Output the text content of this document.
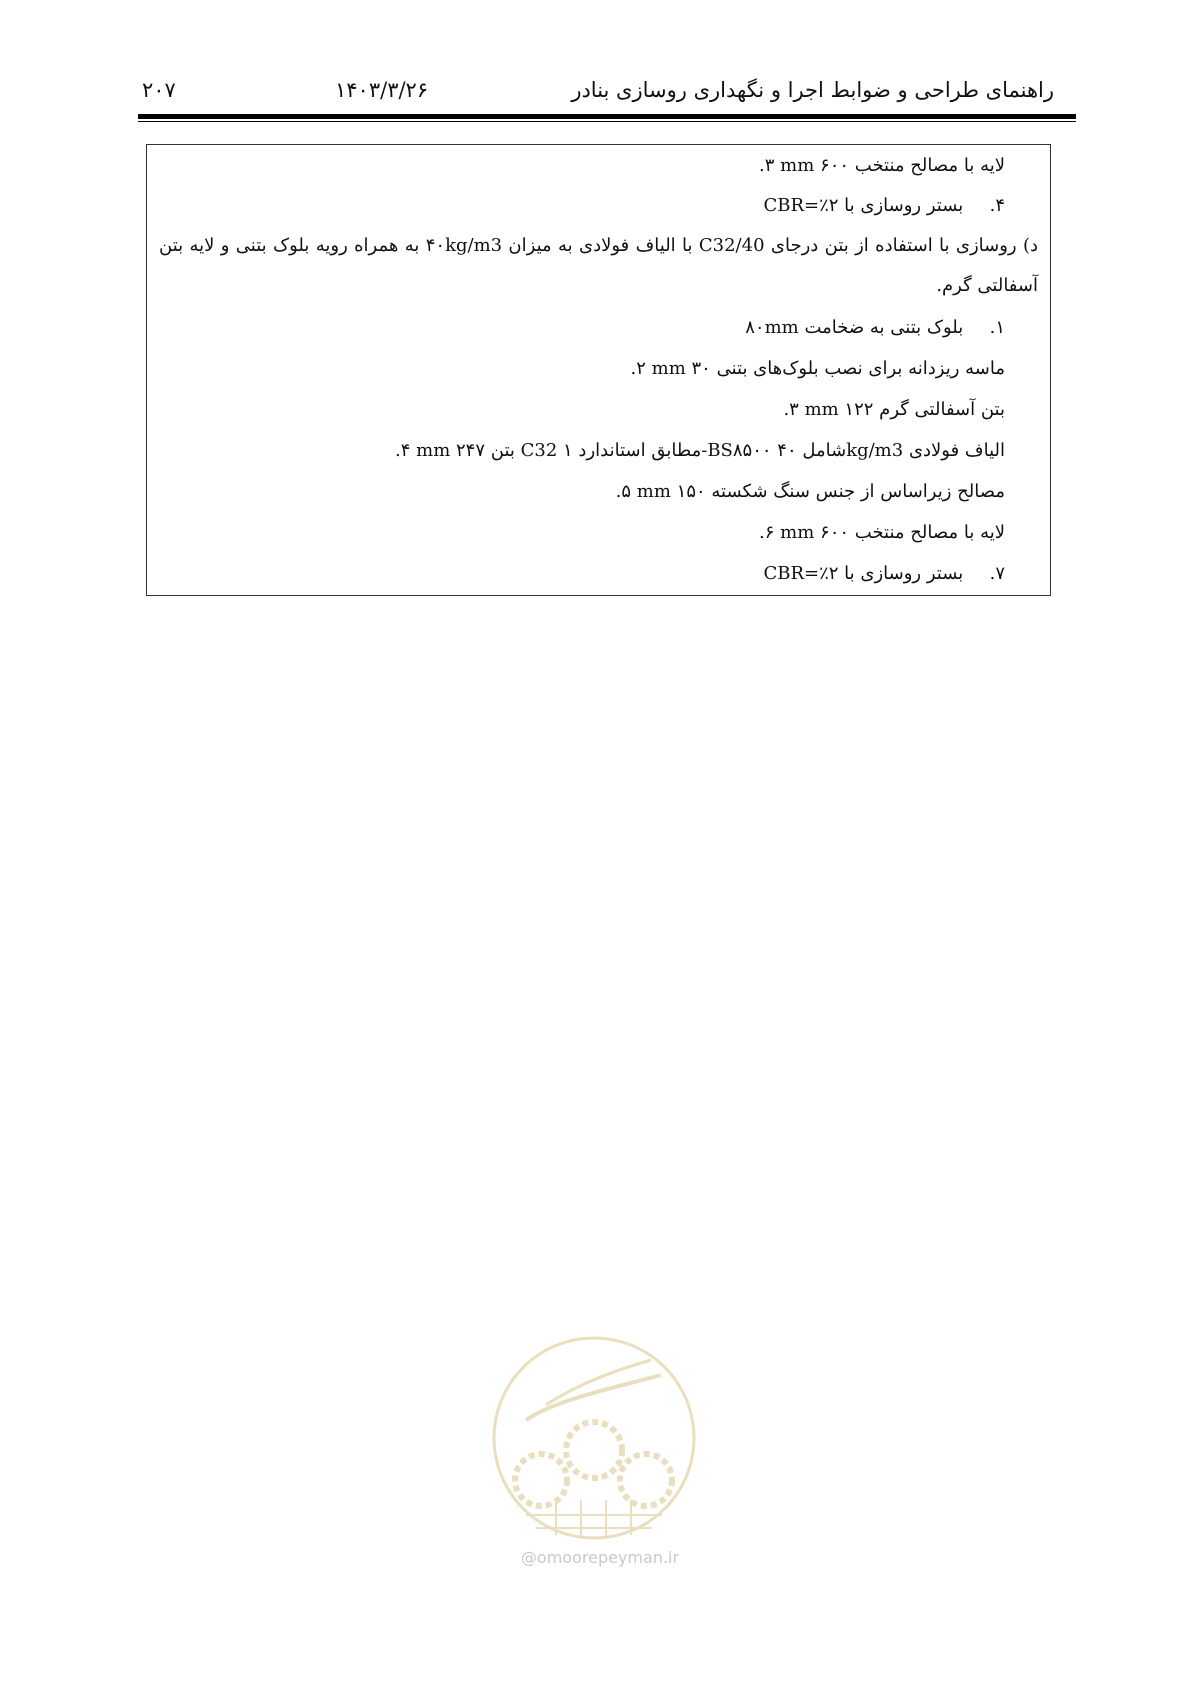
راهنمای طراحی و ضوابط اجرا و نگهداری روسازی بنادر
۱۴۰۳/۳/۲۶
۲۰۷
۳. mm ۶۰۰ لایه با مصالح منتخب
۴. بستر روسازی با CBR=٪۲
د) روسازی با استفاده از بتن درجای C32/40 با الیاف فولادی به میزان ۴۰kg/m3 به همراه رویه بلوک بتنی و لایه بتن
آسفالتی گرم.
۱. بلوک بتنی به ضخامت ۸۰mm
۲. mm ۳۰ ماسه ریزدانه برای نصب بلوک‌های بتنی
۳. mm ۱۲۲ بتن آسفالتی گرم
۴. mm ۲۴۷ بتن C32 مطابق استاندارد ۱-BS۸۵۰۰ شامل ۴۰kg/m3 الیاف فولادی
۵. mm ۱۵۰ مصالح زیراساس از جنس سنگ شکسته
۶. mm ۶۰۰ لایه با مصالح منتخب
۷. بستر روسازی با CBR=٪۲
@omoorepeyman.ir
